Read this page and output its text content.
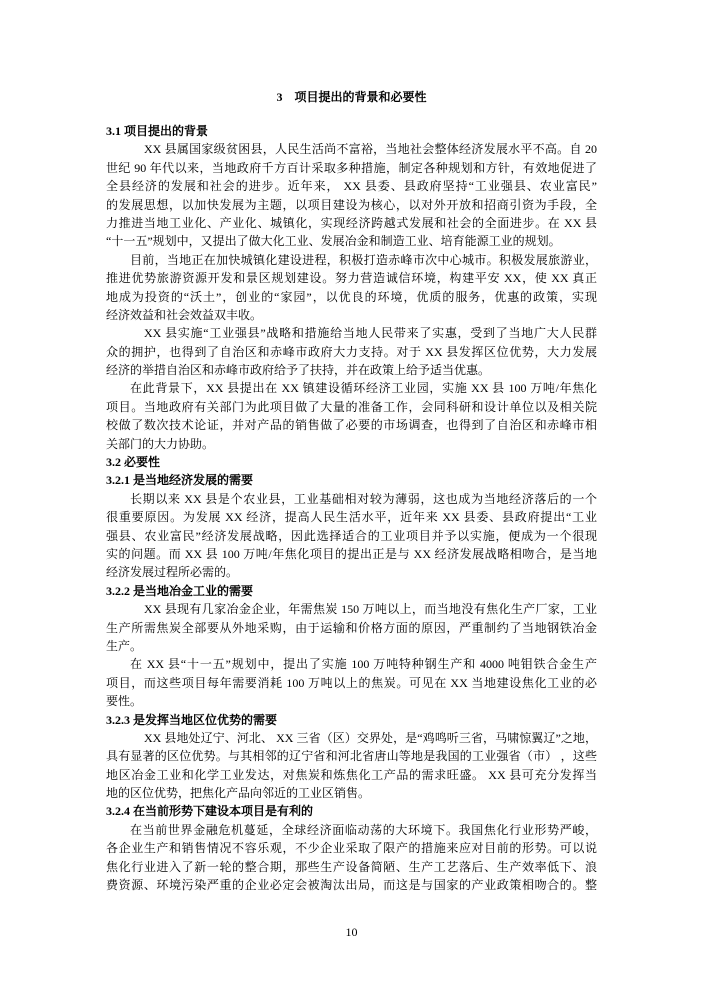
3　项目提出的背景和必要性
3.1 项目提出的背景
XX 县属国家级贫困县，人民生活尚不富裕，当地社会整体经济发展水平不高。自 20
世纪 90 年代以来，当地政府千方百计采取多种措施，制定各种规划和方针，有效地促进了
全县经济的发展和社会的进步。近年来， XX 县委、县政府坚持“工业强县、农业富民”
的发展思想，以加快发展为主题，以项目建设为核心，以对外开放和招商引资为手段，全
力推进当地工业化、产业化、城镇化，实现经济跨越式发展和社会的全面进步。在 XX 县
“十一五”规划中，又提出了做大化工业、发展冶金和制造工业、培育能源工业的规划。
目前，当地正在加快城镇化建设进程，积极打造赤峰市次中心城市。积极发展旅游业，
推进优势旅游资源开发和景区规划建设。努力营造诚信环境，构建平安 XX，使 XX 真正
地成为投资的“沃土”，创业的“家园”，以优良的环境，优质的服务，优惠的政策，实现
经济效益和社会效益双丰收。
XX 县实施“工业强县”战略和措施给当地人民带来了实惠，受到了当地广大人民群
众的拥护，也得到了自治区和赤峰市政府大力支持。对于 XX 县发挥区位优势，大力发展
经济的举措自治区和赤峰市政府给予了扶持，并在政策上给予适当优惠。
在此背景下，XX 县提出在 XX 镇建设循环经济工业园，实施 XX 县 100 万吨/年焦化
项目。当地政府有关部门为此项目做了大量的准备工作，会同科研和设计单位以及相关院
校做了数次技术论证，并对产品的销售做了必要的市场调查，也得到了自治区和赤峰市相
关部门的大力协助。
3.2 必要性
3.2.1 是当地经济发展的需要
长期以来 XX 县是个农业县，工业基础相对较为薄弱，这也成为当地经济落后的一个
很重要原因。为发展 XX 经济，提高人民生活水平，近年来 XX 县委、县政府提出“工业
强县、农业富民”经济发展战略，因此选择适合的工业项目并予以实施，便成为一个很现
实的问题。而 XX 县 100 万吨/年焦化项目的提出正是与 XX 经济发展战略相吻合，是当地
经济发展过程所必需的。
3.2.2 是当地冶金工业的需要
XX 县现有几家冶金企业，年需焦炭 150 万吨以上，而当地没有焦化生产厂家，工业
生产所需焦炭全部要从外地采购，由于运输和价格方面的原因，严重制约了当地钢铁冶金
生产。
在 XX 县“十一五”规划中，提出了实施 100 万吨特种钢生产和 4000 吨钼铁合金生产
项目，而这些项目每年需要消耗 100 万吨以上的焦炭。可见在 XX 当地建设焦化工业的必
要性。
3.2.3 是发挥当地区位优势的需要
XX 县地处辽宁、河北、 XX 三省（区）交界处，是“鸡鸣听三省，马啸惊翼辽”之地，
具有显著的区位优势。与其相邻的辽宁省和河北省唐山等地是我国的工业强省（市） ，这些
地区冶金工业和化学工业发达，对焦炭和炼焦化工产品的需求旺盛。 XX 县可充分发挥当
地的区位优势，把焦化产品向邻近的工业区销售。
3.2.4 在当前形势下建设本项目是有利的
在当前世界金融危机蔓延，全球经济面临动荡的大环境下。我国焦化行业形势严峻，
各企业生产和销售情况不容乐观，不少企业采取了限产的措施来应对目前的形势。可以说
焦化行业进入了新一轮的整合期，那些生产设备简陋、生产工艺落后、生产效率低下、浪
费资源、环境污染严重的企业必定会被淘汰出局，而这是与国家的产业政策相吻合的。整
10
